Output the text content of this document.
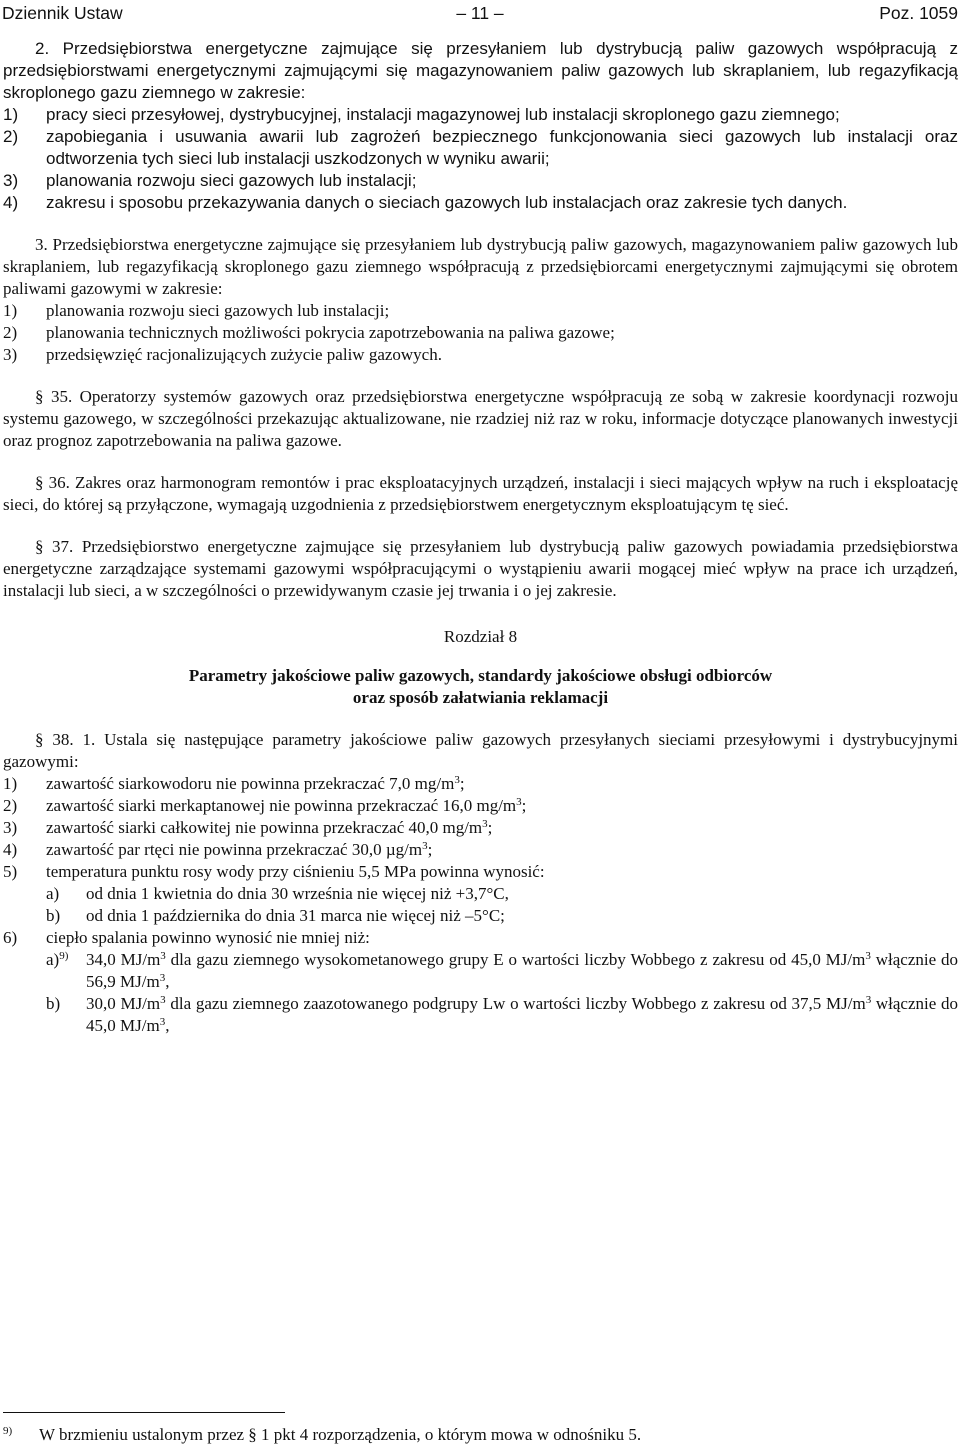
Dziennik Ustaw	– 11 –	Poz. 1059

2. Przedsiębiorstwa energetyczne zajmujące się przesyłaniem lub dystrybucją paliw gazowych współpracują z przedsiębiorstwami energetycznymi zajmującymi się magazynowaniem paliw gazowych lub skraplaniem, lub regazyfikacją skroplonego gazu ziemnego w zakresie:

1)	pracy sieci przesyłowej, dystrybucyjnej, instalacji magazynowej lub instalacji skroplonego gazu ziemnego;
2)	zapobiegania i usuwania awarii lub zagrożeń bezpiecznego funkcjonowania sieci gazowych lub instalacji oraz odtworzenia tych sieci lub instalacji uszkodzonych w wyniku awarii;
3)	planowania rozwoju sieci gazowych lub instalacji;
4)	zakresu i sposobu przekazywania danych o sieciach gazowych lub instalacjach oraz zakresie tych danych.

3. Przedsiębiorstwa energetyczne zajmujące się przesyłaniem lub dystrybucją paliw gazowych, magazynowaniem paliw gazowych lub skraplaniem, lub regazyfikacją skroplonego gazu ziemnego współpracują z przedsiębiorcami energetycznymi zajmującymi się obrotem paliwami gazowymi w zakresie:

1)	planowania rozwoju sieci gazowych lub instalacji;
2)	planowania technicznych możliwości pokrycia zapotrzebowania na paliwa gazowe;
3)	przedsięwzięć racjonalizujących zużycie paliw gazowych.

§ 35. Operatorzy systemów gazowych oraz przedsiębiorstwa energetyczne współpracują ze sobą w zakresie koordynacji rozwoju systemu gazowego, w szczególności przekazując aktualizowane, nie rzadziej niż raz w roku, informacje dotyczące planowanych inwestycji oraz prognoz zapotrzebowania na paliwa gazowe.

§ 36. Zakres oraz harmonogram remontów i prac eksploatacyjnych urządzeń, instalacji i sieci mających wpływ na ruch i eksploatację sieci, do której są przyłączone, wymagają uzgodnienia z przedsiębiorstwem energetycznym eksploatującym tę sieć.

§ 37. Przedsiębiorstwo energetyczne zajmujące się przesyłaniem lub dystrybucją paliw gazowych powiadamia przedsiębiorstwa energetyczne zarządzające systemami gazowymi współpracującymi o wystąpieniu awarii mogącej mieć wpływ na prace ich urządzeń, instalacji lub sieci, a w szczególności o przewidywanym czasie jej trwania i o jej zakresie.

Rozdział 8

Parametry jakościowe paliw gazowych, standardy jakościowe obsługi odbiorców

oraz sposób załatwiania reklamacji

§ 38. 1. Ustala się następujące parametry jakościowe paliw gazowych przesyłanych sieciami przesyłowymi i dystrybucyjnymi gazowymi:

1)	zawartość siarkowodoru nie powinna przekraczać 7,0 $mg/m^3$;
2)	zawartość siarki merkaptanowej nie powinna przekraczać 16,0 $mg/m^3$;
3)	zawartość siarki całkowitej nie powinna przekraczać 40,0 $mg/m^3$;
4)	zawartość par rtęci nie powinna przekraczać 30,0 $\mu g/m^3$;
5)	temperatura punktu rosy wody przy ciśnieniu 5,5 MPa powinna wynosić:
a)	od dnia 1 kwietnia do dnia 30 września nie więcej niż +3,7°C,
b)	od dnia 1 października do dnia 31 marca nie więcej niż –5°C;
6)	ciepło spalania powinno wynosić nie mniej niż:
a)$^{9)}$	34,0 $MJ/m^3$ dla gazu ziemnego wysokometanowego grupy E o wartości liczby Wobbego z zakresu od 45,0 $MJ/m^3$ włącznie do 56,9 $MJ/m^3$,
b)	30,0 $MJ/m^3$ dla gazu ziemnego zaazotowanego podgrupy Lw o wartości liczby Wobbego z zakresu od 37,5 $MJ/m^3$ włącznie do 45,0 $MJ/m^3$,
$^{9)}$	W brzmieniu ustalonym przez § 1 pkt 4 rozporządzenia, o którym mowa w odnośniku 5.
